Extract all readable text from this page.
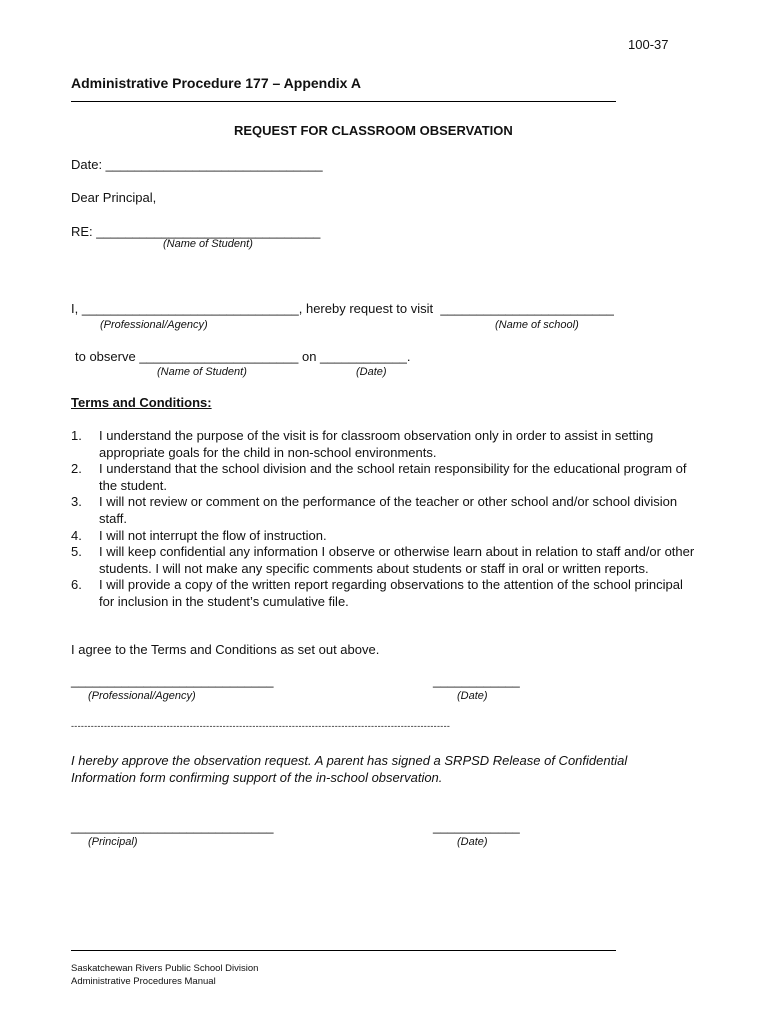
100-37
Administrative Procedure 177 – Appendix A
REQUEST FOR CLASSROOM OBSERVATION
Date: ______________________________
Dear Principal,
RE: _______________________________
(Name of Student)
I, ______________________________, hereby request to visit  ________________________
(Professional/Agency)	(Name of school)
to observe ______________________ on ____________.
(Name of Student)	(Date)
Terms and Conditions:
1. I understand the purpose of the visit is for classroom observation only in order to assist in setting appropriate goals for the child in non-school environments.
2. I understand that the school division and the school retain responsibility for the educational program of the student.
3. I will not review or comment on the performance of the teacher or other school and/or school division staff.
4. I will not interrupt the flow of instruction.
5. I will keep confidential any information I observe or otherwise learn about in relation to staff and/or other students. I will not make any specific comments about students or staff in oral or written reports.
6. I will provide a copy of the written report regarding observations to the attention of the school principal for inclusion in the student’s cumulative file.
I agree to the Terms and Conditions as set out above.
____________________________
(Professional/Agency)
____________
(Date)
-------------------------------------------------------------------------------------------------------------------
I hereby approve the observation request. A parent has signed a SRPSD Release of Confidential
Information form confirming support of the in-school observation.
____________________________
(Principal)
____________
(Date)
Saskatchewan Rivers Public School Division
Administrative Procedures Manual
